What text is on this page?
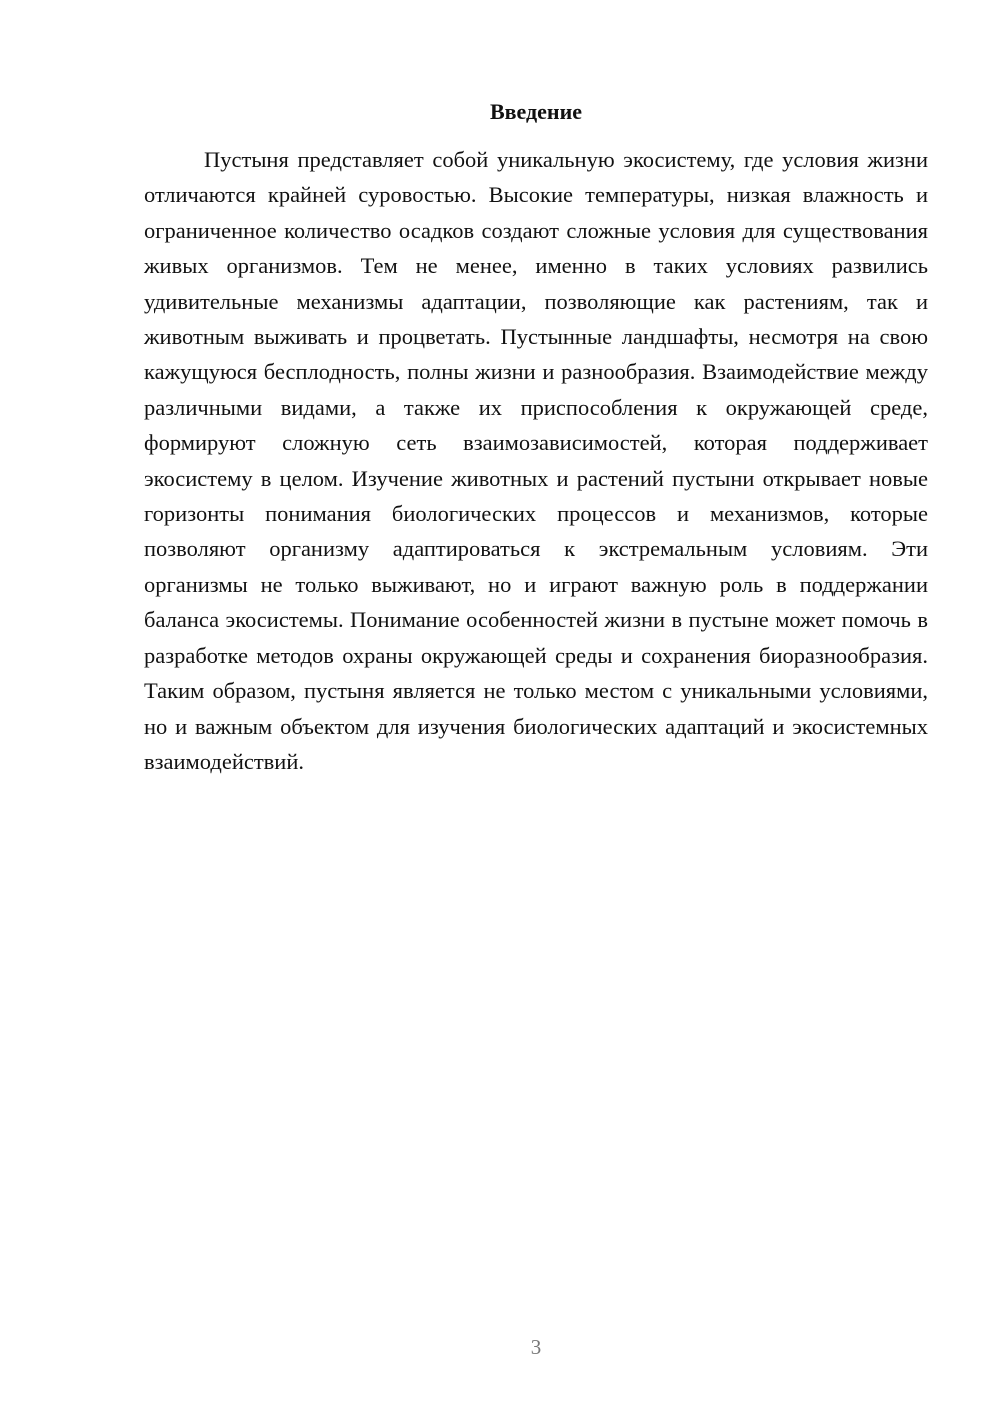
Введение

Пустыня представляет собой уникальную экосистему, где условия жизни отличаются крайней суровостью. Высокие температуры, низкая влажность и ограниченное количество осадков создают сложные условия для существования живых организмов. Тем не менее, именно в таких условиях развились удивительные механизмы адаптации, позволяющие как растениям, так и животным выживать и процветать. Пустынные ландшафты, несмотря на свою кажущуюся бесплодность, полны жизни и разнообразия. Взаимодействие между различными видами, а также их приспособления к окружающей среде, формируют сложную сеть взаимозависимостей, которая поддерживает экосистему в целом. Изучение животных и растений пустыни открывает новые горизонты понимания биологических процессов и механизмов, которые позволяют организму адаптироваться к экстремальным условиям. Эти организмы не только выживают, но и играют важную роль в поддержании баланса экосистемы. Понимание особенностей жизни в пустыне может помочь в разработке методов охраны окружающей среды и сохранения биоразнообразия. Таким образом, пустыня является не только местом с уникальными условиями, но и важным объектом для изучения биологических адаптаций и экосистемных взаимодействий.

3
